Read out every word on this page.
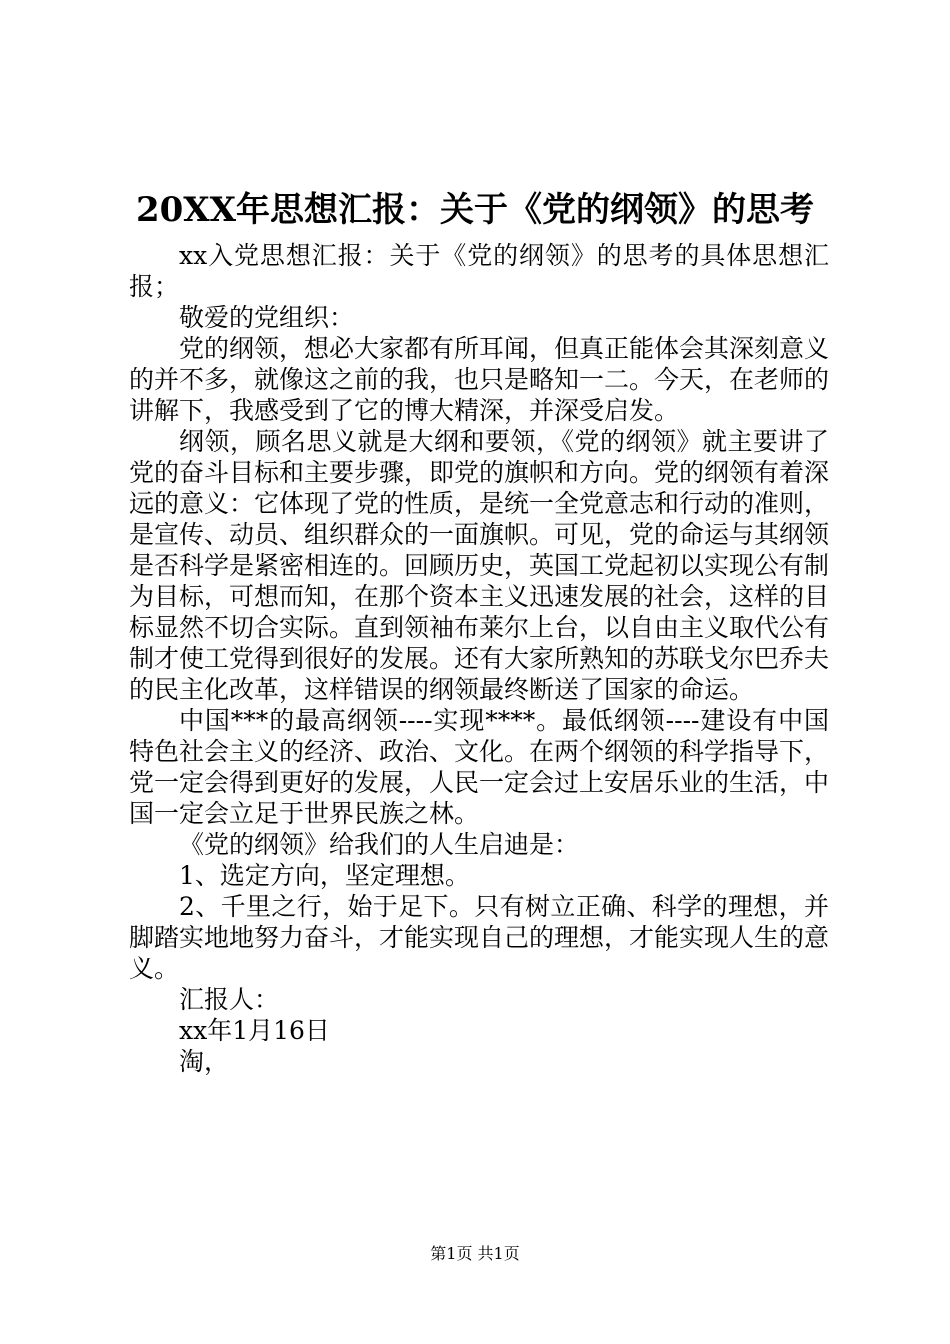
20XX年思想汇报：关于《党的纲领》的思考

xx入党思想汇报：关于《党的纲领》的思考的具体思想汇报；

敬爱的党组织：

党的纲领，想必大家都有所耳闻，但真正能体会其深刻意义的并不多，就像这之前的我，也只是略知一二。今天，在老师的讲解下，我感受到了它的博大精深，并深受启发。

纲领，顾名思义就是大纲和要领，《党的纲领》就主要讲了党的奋斗目标和主要步骤，即党的旗帜和方向。党的纲领有着深远的意义：它体现了党的性质，是统一全党意志和行动的准则，是宣传、动员、组织群众的一面旗帜。可见，党的命运与其纲领是否科学是紧密相连的。回顾历史，英国工党起初以实现公有制为目标，可想而知，在那个资本主义迅速发展的社会，这样的目标显然不切合实际。直到领袖布莱尔上台，以自由主义取代公有制才使工党得到很好的发展。还有大家所熟知的苏联戈尔巴乔夫的民主化改革，这样错误的纲领最终断送了国家的命运。

中国***的最高纲领----实现****。最低纲领----建设有中国特色社会主义的经济、政治、文化。在两个纲领的科学指导下，党一定会得到更好的发展，人民一定会过上安居乐业的生活，中国一定会立足于世界民族之林。

《党的纲领》给我们的人生启迪是：

1、选定方向，坚定理想。

2、千里之行，始于足下。只有树立正确、科学的理想，并脚踏实地地努力奋斗，才能实现自己的理想，才能实现人生的意义。

汇报人：

xx年1月16日

淘，

第1页 共1页
